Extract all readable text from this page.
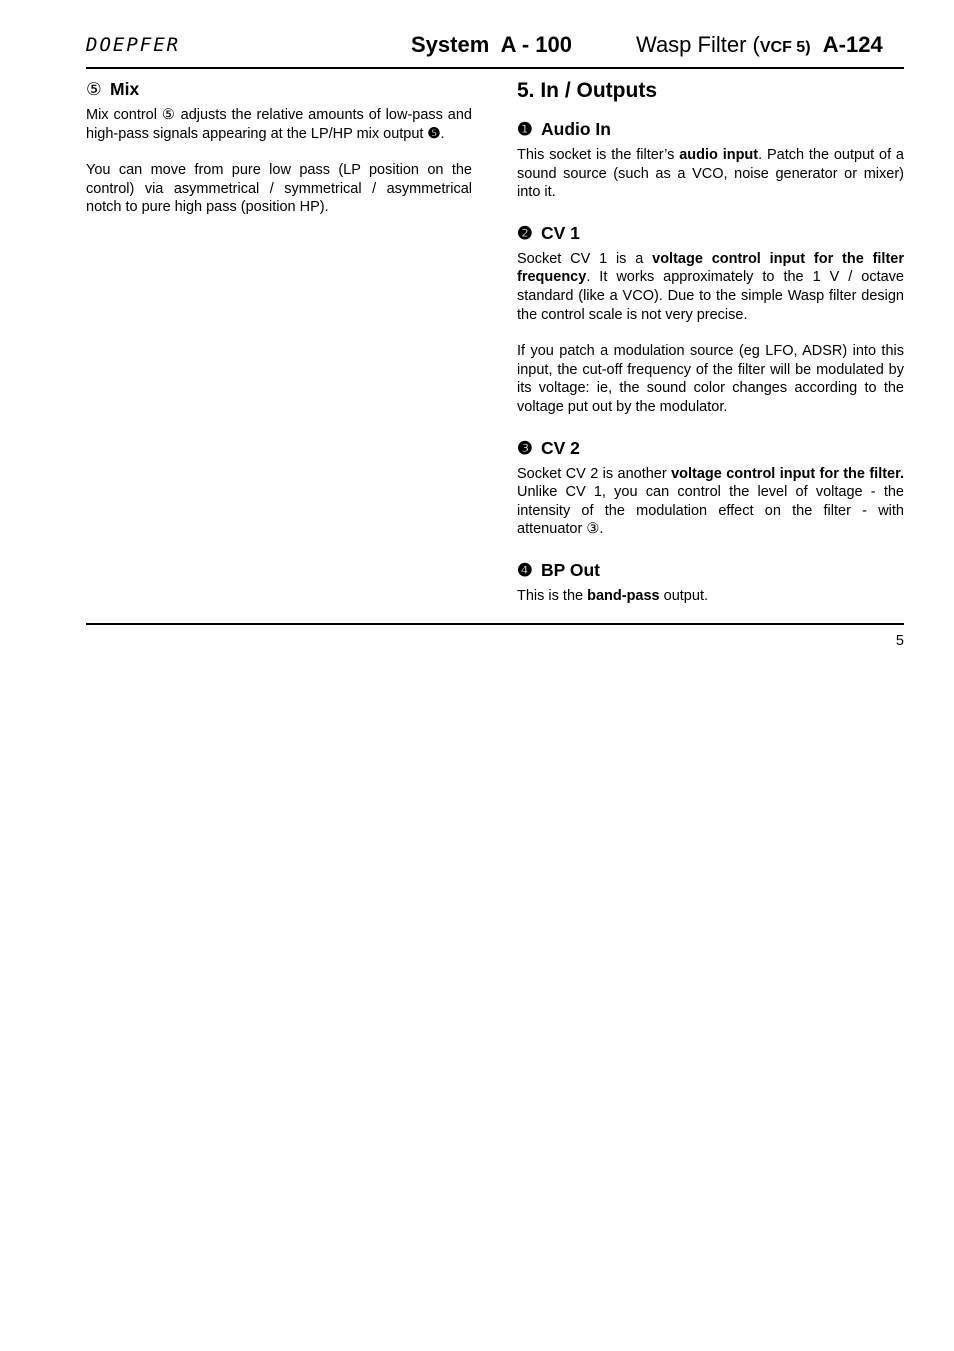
DOEPFER	System  A - 100	Wasp Filter (VCF 5) A-124
⑤ Mix

Mix control ⑤ adjusts the relative amounts of low-pass and high-pass signals appearing at the LP/HP mix output ❺.

You can move from pure low pass (LP position on the control) via asymmetrical / symmetrical / asymmetrical notch to pure high pass (position HP).

5. In / Outputs
❶ Audio In

This socket is the filter’s audio input. Patch the output of a sound source (such as a VCO, noise generator or mixer) into it.

❷ CV 1

Socket CV 1 is a voltage control input for the filter frequency. It works approximately to the 1 V / octave standard (like a VCO). Due to the simple Wasp filter design the control scale is not very precise.

If you patch a modulation source (eg LFO, ADSR) into this input, the cut-off frequency of the filter will be modulated by its voltage: ie, the sound color changes according to the voltage put out by the modulator.

❸ CV 2

Socket CV 2 is another voltage control input for the filter. Unlike CV 1, you can control the level of voltage - the intensity of the modulation effect on the filter - with attenuator ③.

❹ BP Out

This is the band-pass output.

5
